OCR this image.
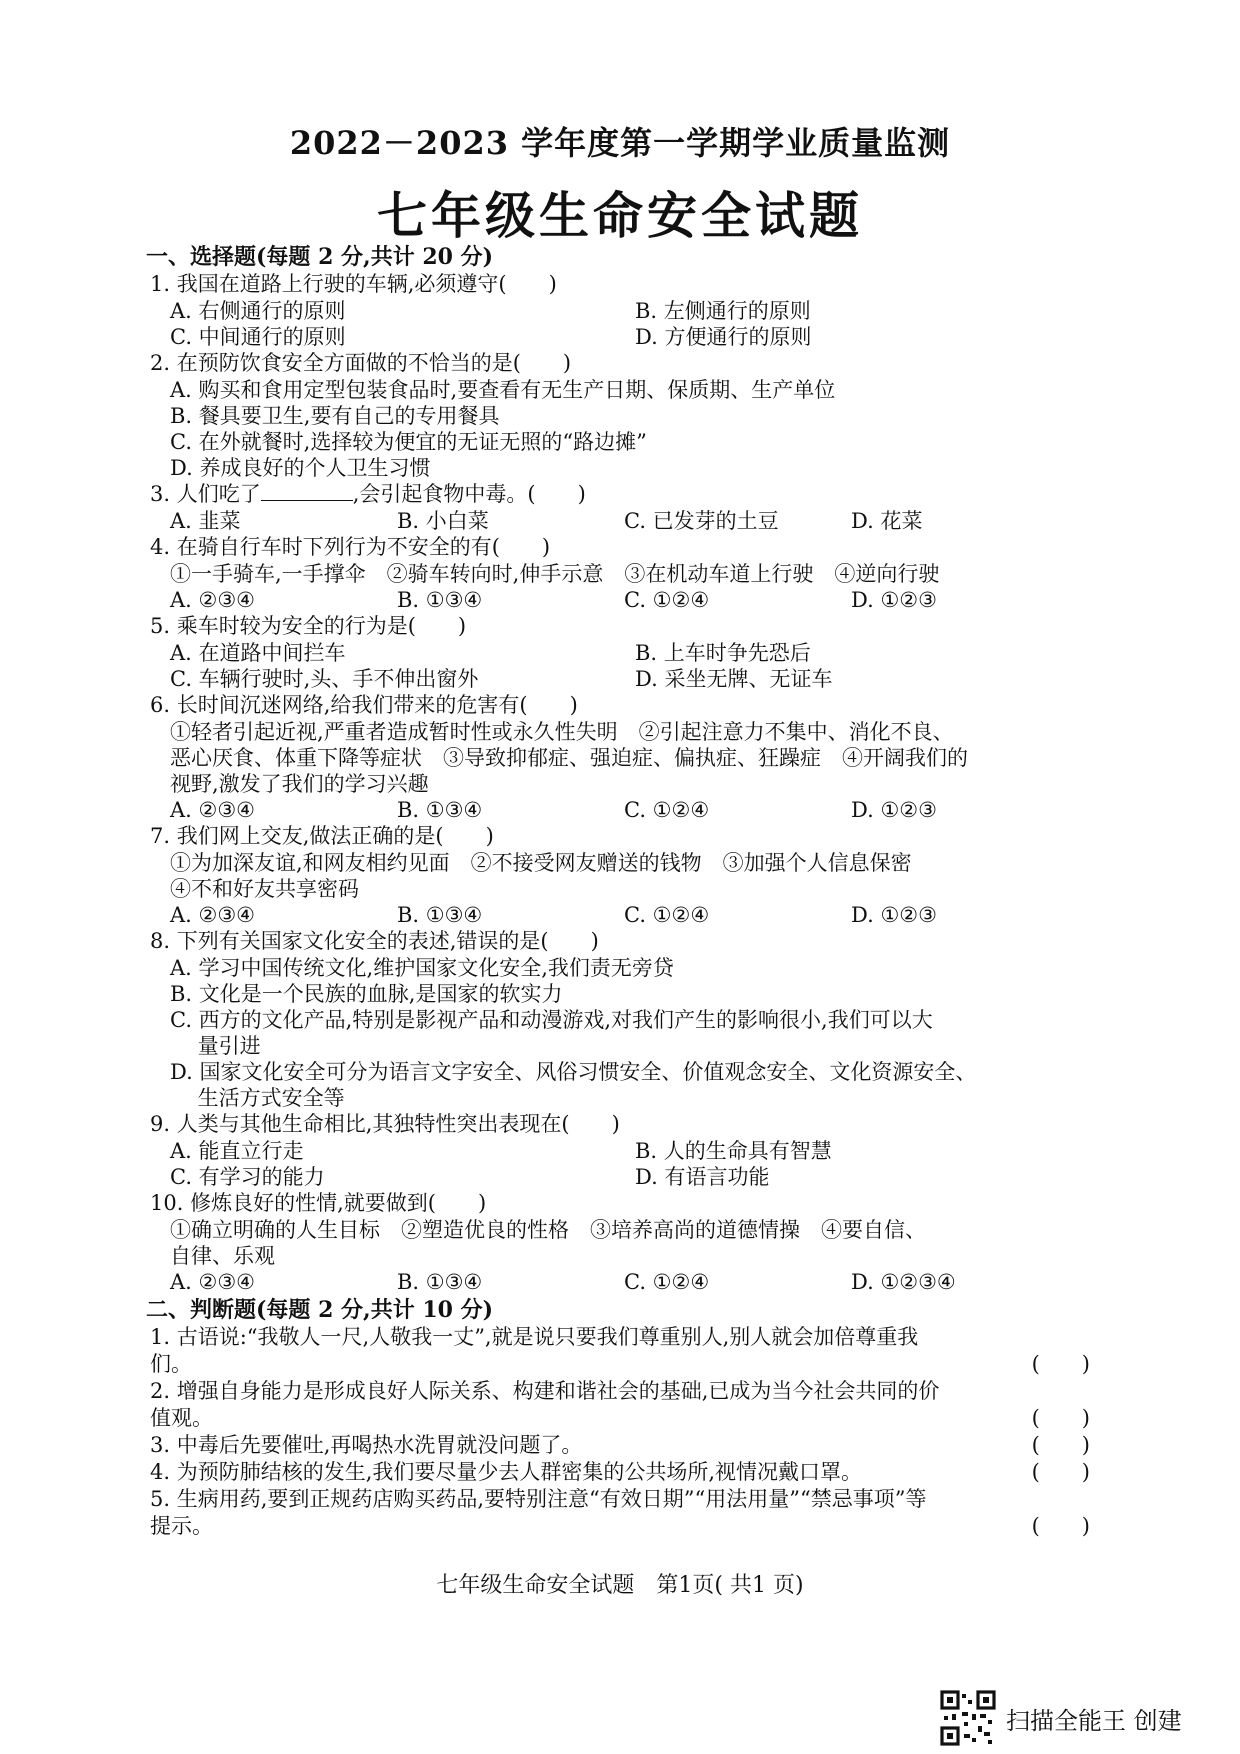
2022－2023 学年度第一学期学业质量监测
七年级生命安全试题
一、选择题(每题 2 分,共计 20 分)
1. 我国在道路上行驶的车辆,必须遵守(　　)
A. 右侧通行的原则	B. 左侧通行的原则
C. 中间通行的原则	D. 方便通行的原则
2. 在预防饮食安全方面做的不恰当的是(　　)
A. 购买和食用定型包装食品时,要查看有无生产日期、保质期、生产单位
B. 餐具要卫生,要有自己的专用餐具
C. 在外就餐时,选择较为便宜的无证无照的“路边摊”
D. 养成良好的个人卫生习惯
3. 人们吃了	,会引起食物中毒。(　　)
A. 韭菜	B. 小白菜	C. 已发芽的土豆	D. 花菜
4. 在骑自行车时下列行为不安全的有(　　)
①一手骑车,一手撑伞　②骑车转向时,伸手示意　③在机动车道上行驶　④逆向行驶
A. ②③④	B. ①③④	C. ①②④	D. ①②③
5. 乘车时较为安全的行为是(　　)
A. 在道路中间拦车	B. 上车时争先恐后
C. 车辆行驶时,头、手不伸出窗外	D. 采坐无牌、无证车
6. 长时间沉迷网络,给我们带来的危害有(　　)
①轻者引起近视,严重者造成暂时性或永久性失明　②引起注意力不集中、消化不良、
恶心厌食、体重下降等症状　③导致抑郁症、强迫症、偏执症、狂躁症　④开阔我们的
视野,激发了我们的学习兴趣
A. ②③④	B. ①③④	C. ①②④	D. ①②③
7. 我们网上交友,做法正确的是(　　)
①为加深友谊,和网友相约见面　②不接受网友赠送的钱物　③加强个人信息保密
④不和好友共享密码
A. ②③④	B. ①③④	C. ①②④	D. ①②③
8. 下列有关国家文化安全的表述,错误的是(　　)
A. 学习中国传统文化,维护国家文化安全,我们责无旁贷
B. 文化是一个民族的血脉,是国家的软实力
C. 西方的文化产品,特别是影视产品和动漫游戏,对我们产生的影响很小,我们可以大
　 量引进
D. 国家文化安全可分为语言文字安全、风俗习惯安全、价值观念安全、文化资源安全、
　 生活方式安全等
9. 人类与其他生命相比,其独特性突出表现在(　　)
A. 能直立行走	B. 人的生命具有智慧
C. 有学习的能力	D. 有语言功能
10. 修炼良好的性情,就要做到(　　)
①确立明确的人生目标　②塑造优良的性格　③培养高尚的道德情操　④要自信、
自律、乐观
A. ②③④	B. ①③④	C. ①②④	D. ①②③④
二、判断题(每题 2 分,共计 10 分)
1. 古语说:“我敬人一尺,人敬我一丈”,就是说只要我们尊重别人,别人就会加倍尊重我
们。	(　　)
2. 增强自身能力是形成良好人际关系、构建和谐社会的基础,已成为当今社会共同的价
值观。	(　　)
3. 中毒后先要催吐,再喝热水洗胃就没问题了。	(　　)
4. 为预防肺结核的发生,我们要尽量少去人群密集的公共场所,视情况戴口罩。	(　　)
5. 生病用药,要到正规药店购买药品,要特别注意“有效日期”“用法用量”“禁忌事项”等
提示。	(　　)
七年级生命安全试题　第1页( 共1 页)
扫描全能王 创建
